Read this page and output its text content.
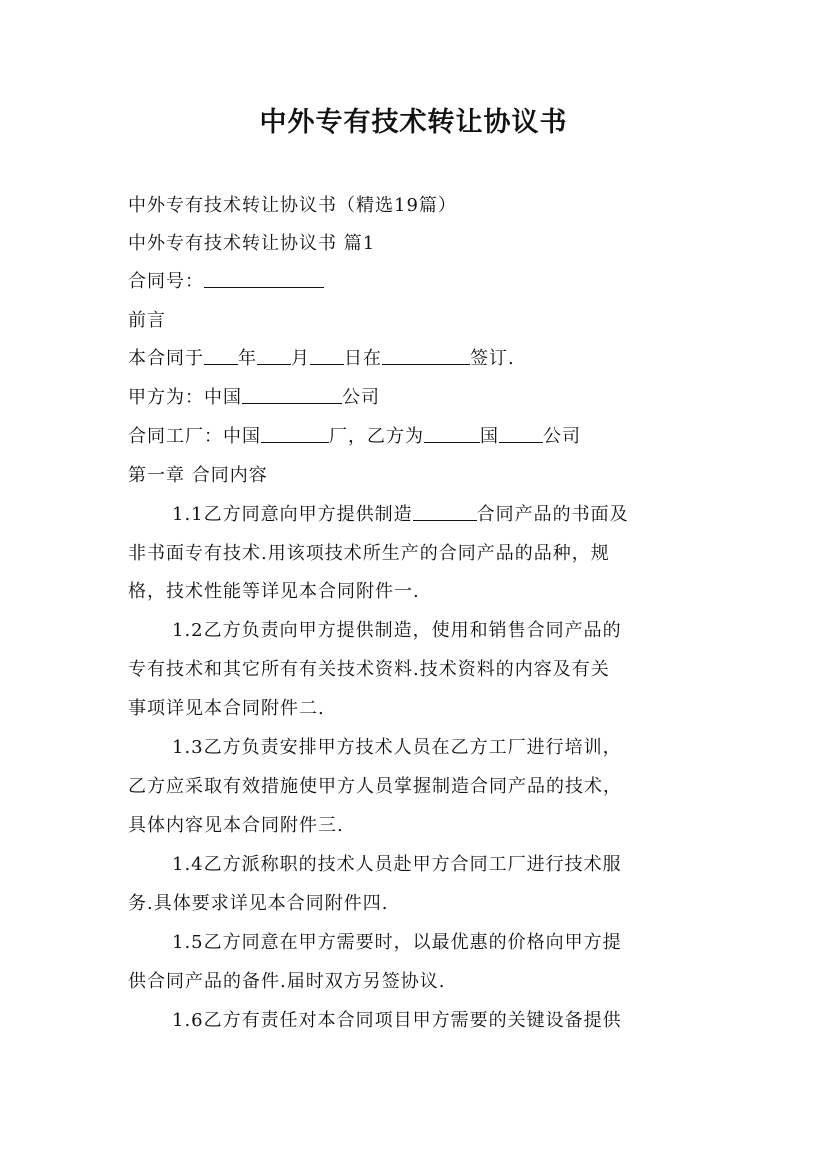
中外专有技术转让协议书
中外专有技术转让协议书（精选19篇）
中外专有技术转让协议书 篇1
合同号：
前言
本合同于 年 月 日在	签订.
甲方为：中国	公司
合同工厂：中国	厂，乙方为	国 公司
第一章 合同内容
1.1乙方同意向甲方提供制造	合同产品的书面及
非书面专有技术.用该项技术所生产的合同产品的品种，规
格，技术性能等详见本合同附件一.
1.2乙方负责向甲方提供制造，使用和销售合同产品的
专有技术和其它所有有关技术资料.技术资料的内容及有关
事项详见本合同附件二.
1.3乙方负责安排甲方技术人员在乙方工厂进行培训，
乙方应采取有效措施使甲方人员掌握制造合同产品的技术，
具体内容见本合同附件三.
1.4乙方派称职的技术人员赴甲方合同工厂进行技术服
务.具体要求详见本合同附件四.
1.5乙方同意在甲方需要时，以最优惠的价格向甲方提
供合同产品的备件.届时双方另签协议.
1.6乙方有责任对本合同项目甲方需要的关键设备提供
